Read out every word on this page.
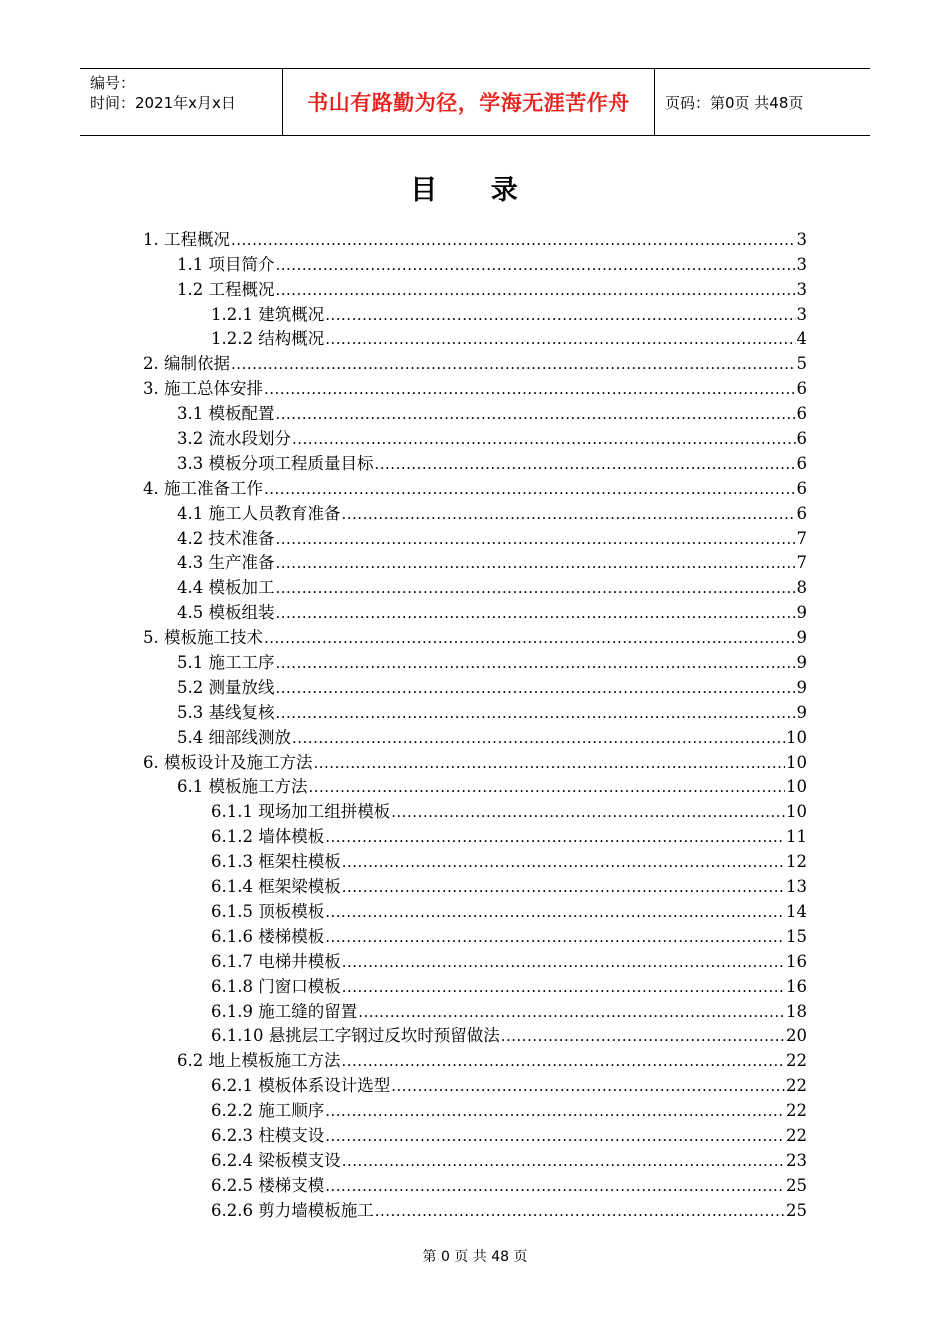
编号：
时间：2021年x月x日	书山有路勤为径，学海无涯苦作舟 页码：第0页 共48页
目 录
1. 工程概况 .....	3
1.1 项目简介 .....	3
1.2 工程概况 .....	3
1.2.1 建筑概况 .....	3
1.2.2 结构概况 .....	4
2. 编制依据 .....	5
3. 施工总体安排 .....	6
3.1 模板配置 .....	6
3.2 流水段划分 .....	6
3.3 模板分项工程质量目标 .....	6
4. 施工准备工作 .....	6
4.1 施工人员教育准备 .....	6
4.2 技术准备 .....	7
4.3 生产准备 .....	7
4.4 模板加工 .....	8
4.5 模板组装 .....	9
5. 模板施工技术 .....	9
5.1 施工工序 .....	9
5.2 测量放线 .....	9
5.3 基线复核 .....	9
5.4 细部线测放 .....	10
6. 模板设计及施工方法 .....	10
6.1 模板施工方法 .....	10
6.1.1 现场加工组拼模板 .....	10
6.1.2 墙体模板 .....	11
6.1.3 框架柱模板 .....	12
6.1.4 框架梁模板 .....	13
6.1.5 顶板模板 .....	14
6.1.6 楼梯模板 .....	15
6.1.7 电梯井模板 .....	16
6.1.8 门窗口模板 .....	16
6.1.9 施工缝的留置 .....	18
6.1.10 悬挑层工字钢过反坎时预留做法 .....	20
6.2 地上模板施工方法 .....	22
6.2.1 模板体系设计选型 .....	22
6.2.2 施工顺序 .....	22
6.2.3 柱模支设 .....	22
6.2.4 梁板模支设 .....	23
6.2.5 楼梯支模 .....	25
6.2.6 剪力墙模板施工 .....	25
第 0 页 共 48 页
